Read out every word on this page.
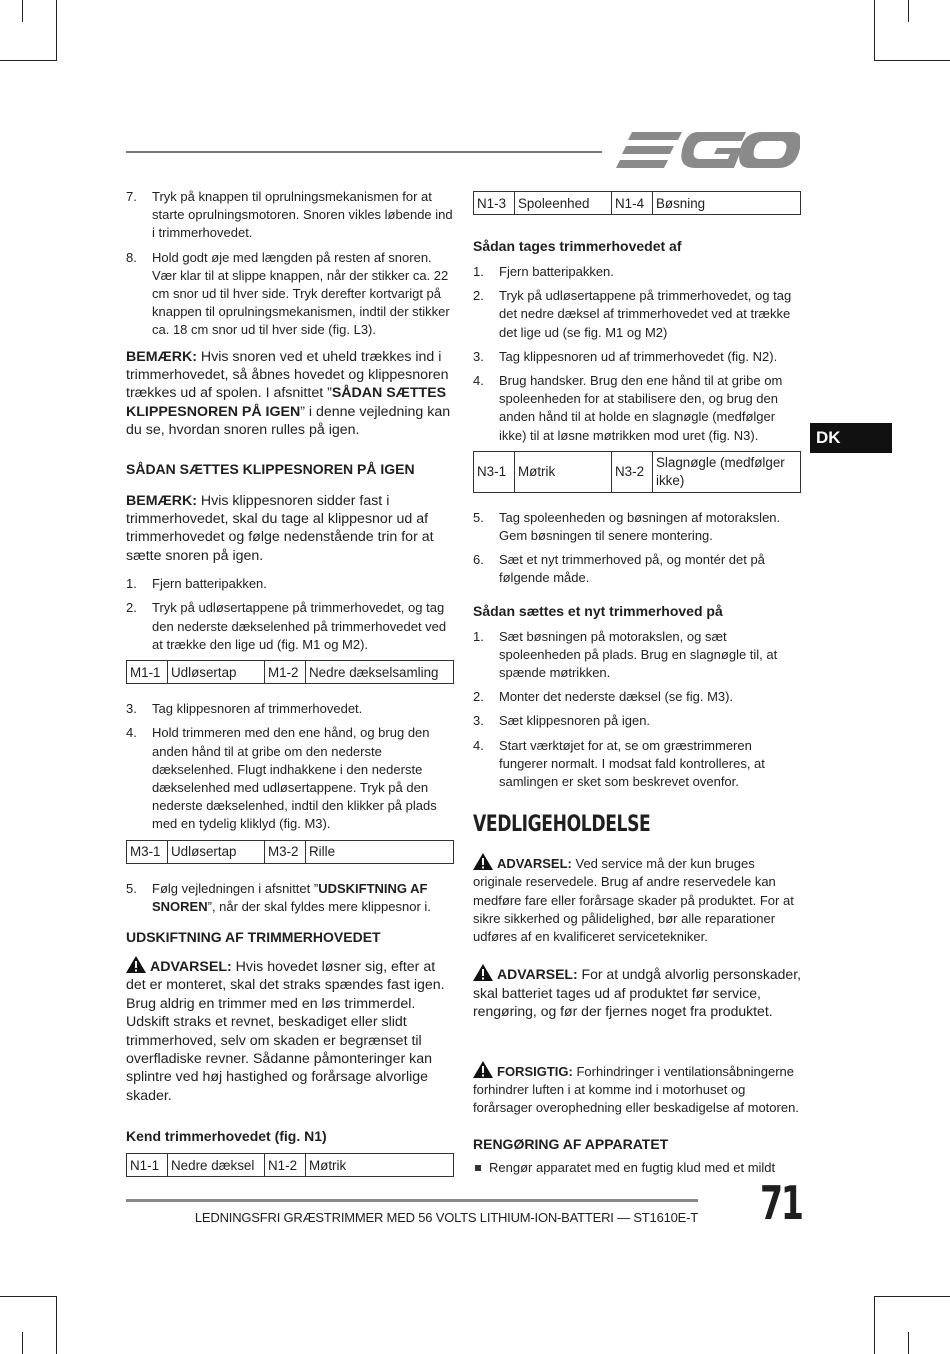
DK
7. Tryk på knappen til oprulningsmekanismen for at starte oprulningsmotoren. Snoren vikles løbende ind i trimmerhovedet.
8. Hold godt øje med længden på resten af snoren. Vær klar til at slippe knappen, når der stikker ca. 22 cm snor ud til hver side. Tryk derefter kortvarigt på knappen til oprulningsmekanismen, indtil der stikker ca. 18 cm snor ud til hver side (fig. L3).

BEMÆRK: Hvis snoren ved et uheld trækkes ind i trimmerhovedet, så åbnes hovedet og klippesnoren trækkes ud af spolen. I afsnittet ”SÅDAN SÆTTES KLIPPESNOREN PÅ IGEN” i denne vejledning kan du se, hvordan snoren rulles på igen.

SÅDAN SÆTTES KLIPPESNOREN PÅ IGEN

BEMÆRK: Hvis klippesnoren sidder fast i trimmerhovedet, skal du tage al klippesnor ud af trimmerhovedet og følge nedenstående trin for at sætte snoren på igen.

1. Fjern batteripakken.
2. Tryk på udløsertappene på trimmerhovedet, og tag den nederste dækselenhed på trimmerhovedet ved at trække den lige ud (fig. M1 og M2).
M1-1	Udløsertap	M1-2	Nedre dækselsamling
3. Tag klippesnoren af trimmerhovedet.
4. Hold trimmeren med den ene hånd, og brug den anden hånd til at gribe om den nederste dækselenhed. Flugt indhakkene i den nederste dækselenhed med udløsertappene. Tryk på den nederste dækselenhed, indtil den klikker på plads med en tydelig kliklyd (fig. M3).
M3-1	Udløsertap	M3-2	Rille
5. Følg vejledningen i afsnittet ”UDSKIFTNING AF SNOREN”, når der skal fyldes mere klippesnor i.

UDSKIFTNING AF TRIMMERHOVEDET

ADVARSEL: Hvis hovedet løsner sig, efter at det er monteret, skal det straks spændes fast igen. Brug aldrig en trimmer med en løs trimmerdel. Udskift straks et revnet, beskadiget eller slidt trimmerhoved, selv om skaden er begrænset til overfladiske revner. Sådanne påmonteringer kan splintre ved høj hastighed og forårsage alvorlige skader.

Kend trimmerhovedet (fig. N1)

N1-1	Nedre dæksel	N1-2	Møtrik
N1-3	Spoleenhed	N1-4	Bøsning

Sådan tages trimmerhovedet af

1. Fjern batteripakken.
2. Tryk på udløsertappene på trimmerhovedet, og tag det nedre dæksel af trimmerhovedet ved at trække det lige ud (se fig. M1 og M2)
3. Tag klippesnoren ud af trimmerhovedet (fig. N2).
4. Brug handsker. Brug den ene hånd til at gribe om spoleenheden for at stabilisere den, og brug den anden hånd til at holde en slagnøgle (medfølger ikke) til at løsne møtrikken mod uret (fig. N3).
N3-1	Møtrik	N3-2	Slagnøgle (medfølger ikke)
5. Tag spoleenheden og bøsningen af motorakslen. Gem bøsningen til senere montering.
6. Sæt et nyt trimmerhoved på, og montér det på følgende måde.

Sådan sættes et nyt trimmerhoved på

1. Sæt bøsningen på motorakslen, og sæt spoleenheden på plads. Brug en slagnøgle til, at spænde møtrikken.
2. Monter det nederste dæksel (se fig. M3).
3. Sæt klippesnoren på igen.
4. Start værktøjet for at, se om græstrimmeren fungerer normalt. I modsat fald kontrolleres, at samlingen er sket som beskrevet ovenfor.

VEDLIGEHOLDELSE

ADVARSEL: Ved service må der kun bruges originale reservedele. Brug af andre reservedele kan medføre fare eller forårsage skader på produktet. For at sikre sikkerhed og pålidelighed, bør alle reparationer udføres af en kvalificeret servicetekniker.

ADVARSEL: For at undgå alvorlig personskader, skal batteriet tages ud af produktet før service, rengøring, og før der fjernes noget fra produktet.

FORSIGTIG: Forhindringer i ventilationsåbningerne forhindrer luften i at komme ind i motorhuset og forårsager overophedning eller beskadigelse af motoren.

RENGØRING AF APPARATET

Rengør apparatet med en fugtig klud med et mildt
LEDNINGSFRI GRÆSTRIMMER MED 56 VOLTS LITHIUM-ION-BATTERI — ST1610E-T 71
